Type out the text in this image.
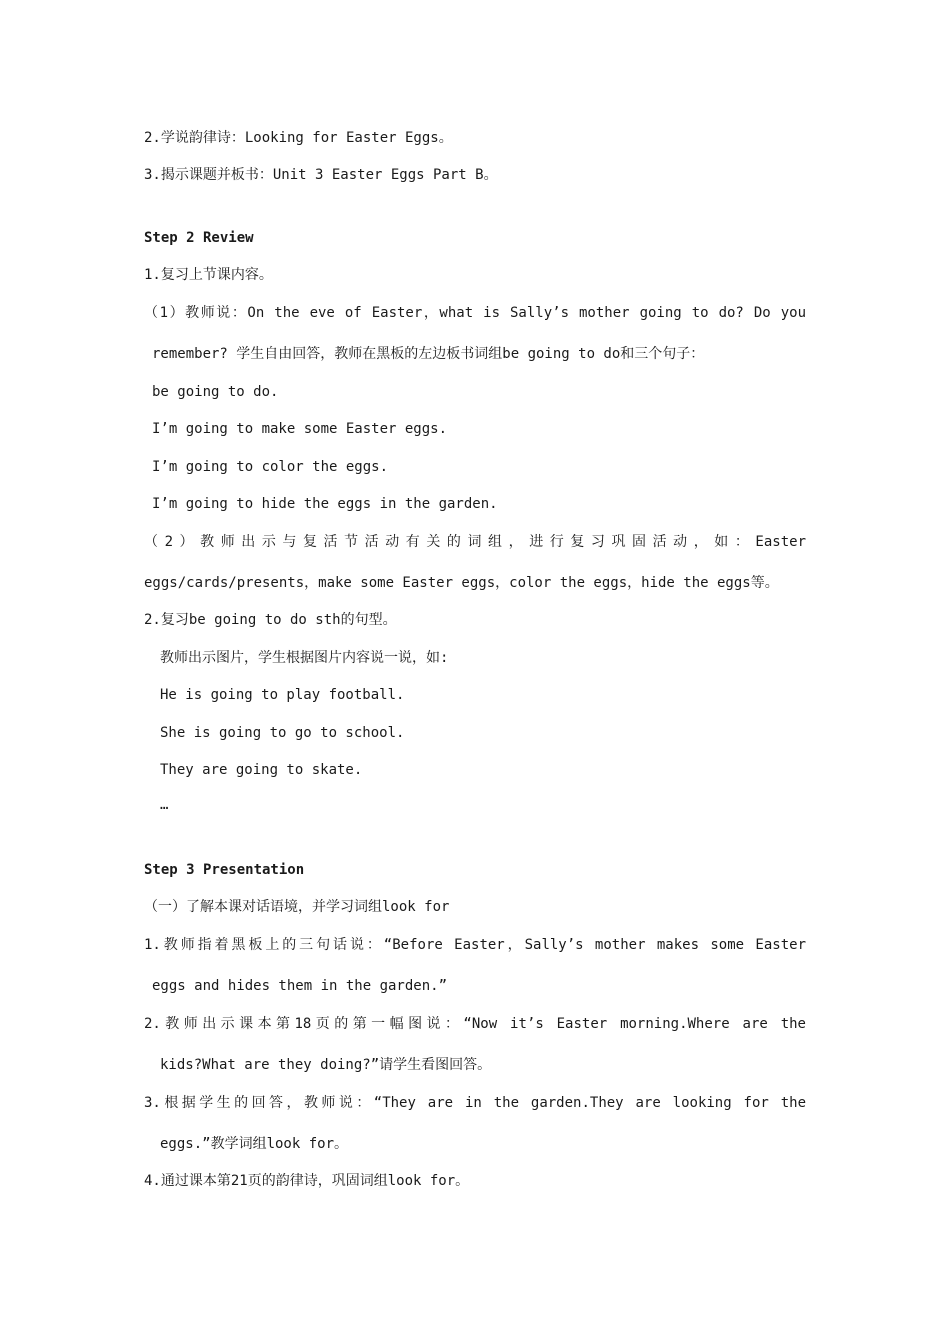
2.学说韵律诗：Looking for Easter Eggs。
3.揭示课题并板书：Unit 3 Easter Eggs Part B。
Step 2 Review
1.复习上节课内容。
（1）教师说：On the eve of Easter，what is Sally’s mother going to do? Do you
remember? 学生自由回答，教师在黑板的左边板书词组be going to do和三个句子：
be going to do.
I’m going to make some Easter eggs.
I’m going to color the eggs.
I’m going to hide the eggs in the garden.
（2）教师出示与复活节活动有关的词组，进行复习巩固活动，如：Easter
eggs/cards/presents，make some Easter eggs，color the eggs，hide the eggs等。
2.复习be going to do sth的句型。
教师出示图片，学生根据图片内容说一说，如:
He is going to play football.
She is going to go to school.
They are going to skate.
…
Step 3 Presentation
（一）了解本课对话语境，并学习词组look for
1.教师指着黑板上的三句话说：“Before Easter，Sally’s mother makes some Easter
eggs and hides them in the garden.”
2.教师出示课本第18页的第一幅图说：“Now it’s Easter morning.Where are the
kids?What are they doing?”请学生看图回答。
3.根据学生的回答，教师说：“They are in the garden.They are looking for the
eggs.”教学词组look for。
4.通过课本第21页的韵律诗，巩固词组look for。
